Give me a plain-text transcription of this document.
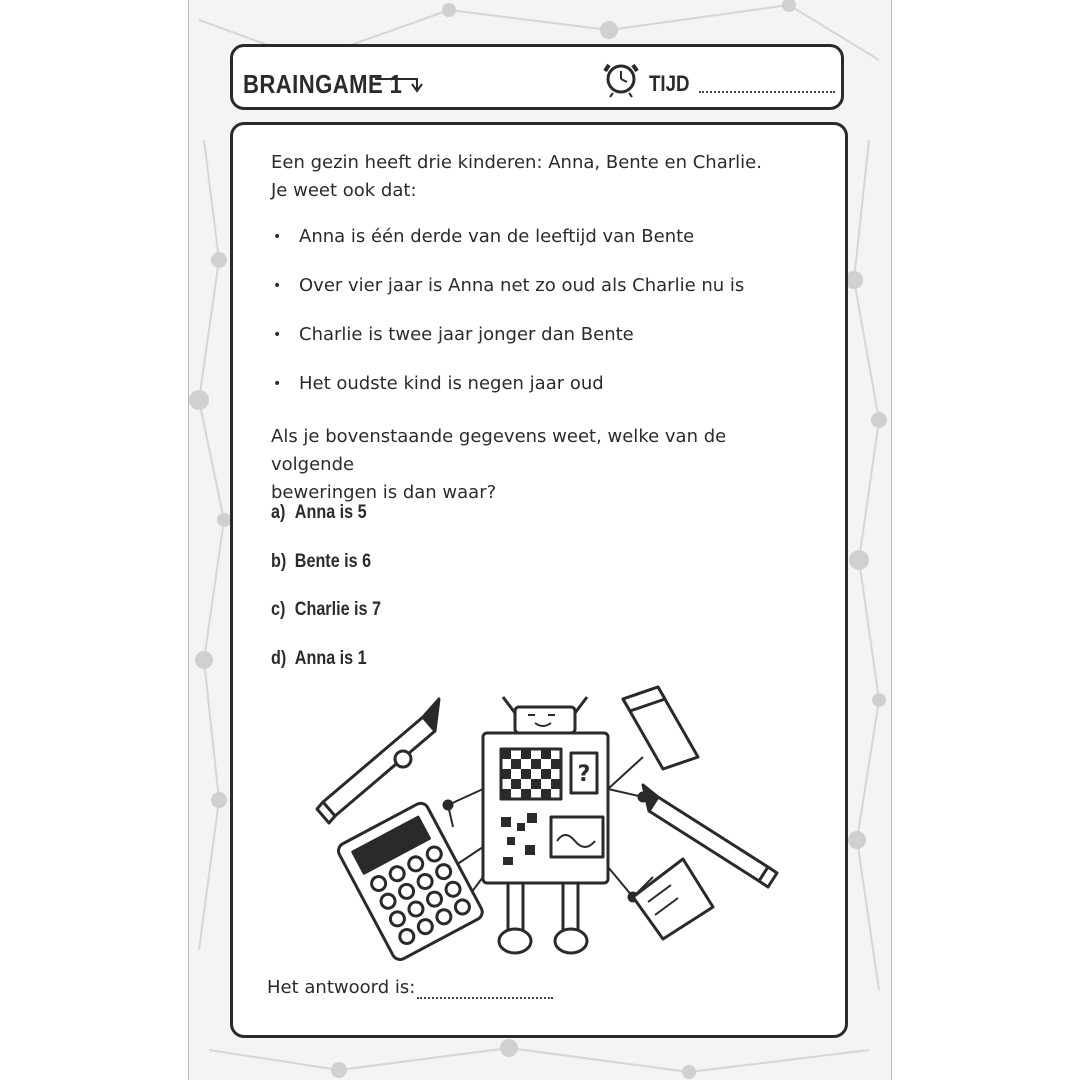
BRAINGAME 1	TIJD

Een gezin heeft drie kinderen: Anna, Bente en Charlie.
Je weet ook dat:

• Anna is één derde van de leeftijd van Bente
• Over vier jaar is Anna net zo oud als Charlie nu is
• Charlie is twee jaar jonger dan Bente
• Het oudste kind is negen jaar oud

Als je bovenstaande gegevens weet, welke van de volgende
beweringen is dan waar?

a) Anna is 5
b) Bente is 6
c) Charlie is 7
d) Anna is 1
?
Het antwoord is:
